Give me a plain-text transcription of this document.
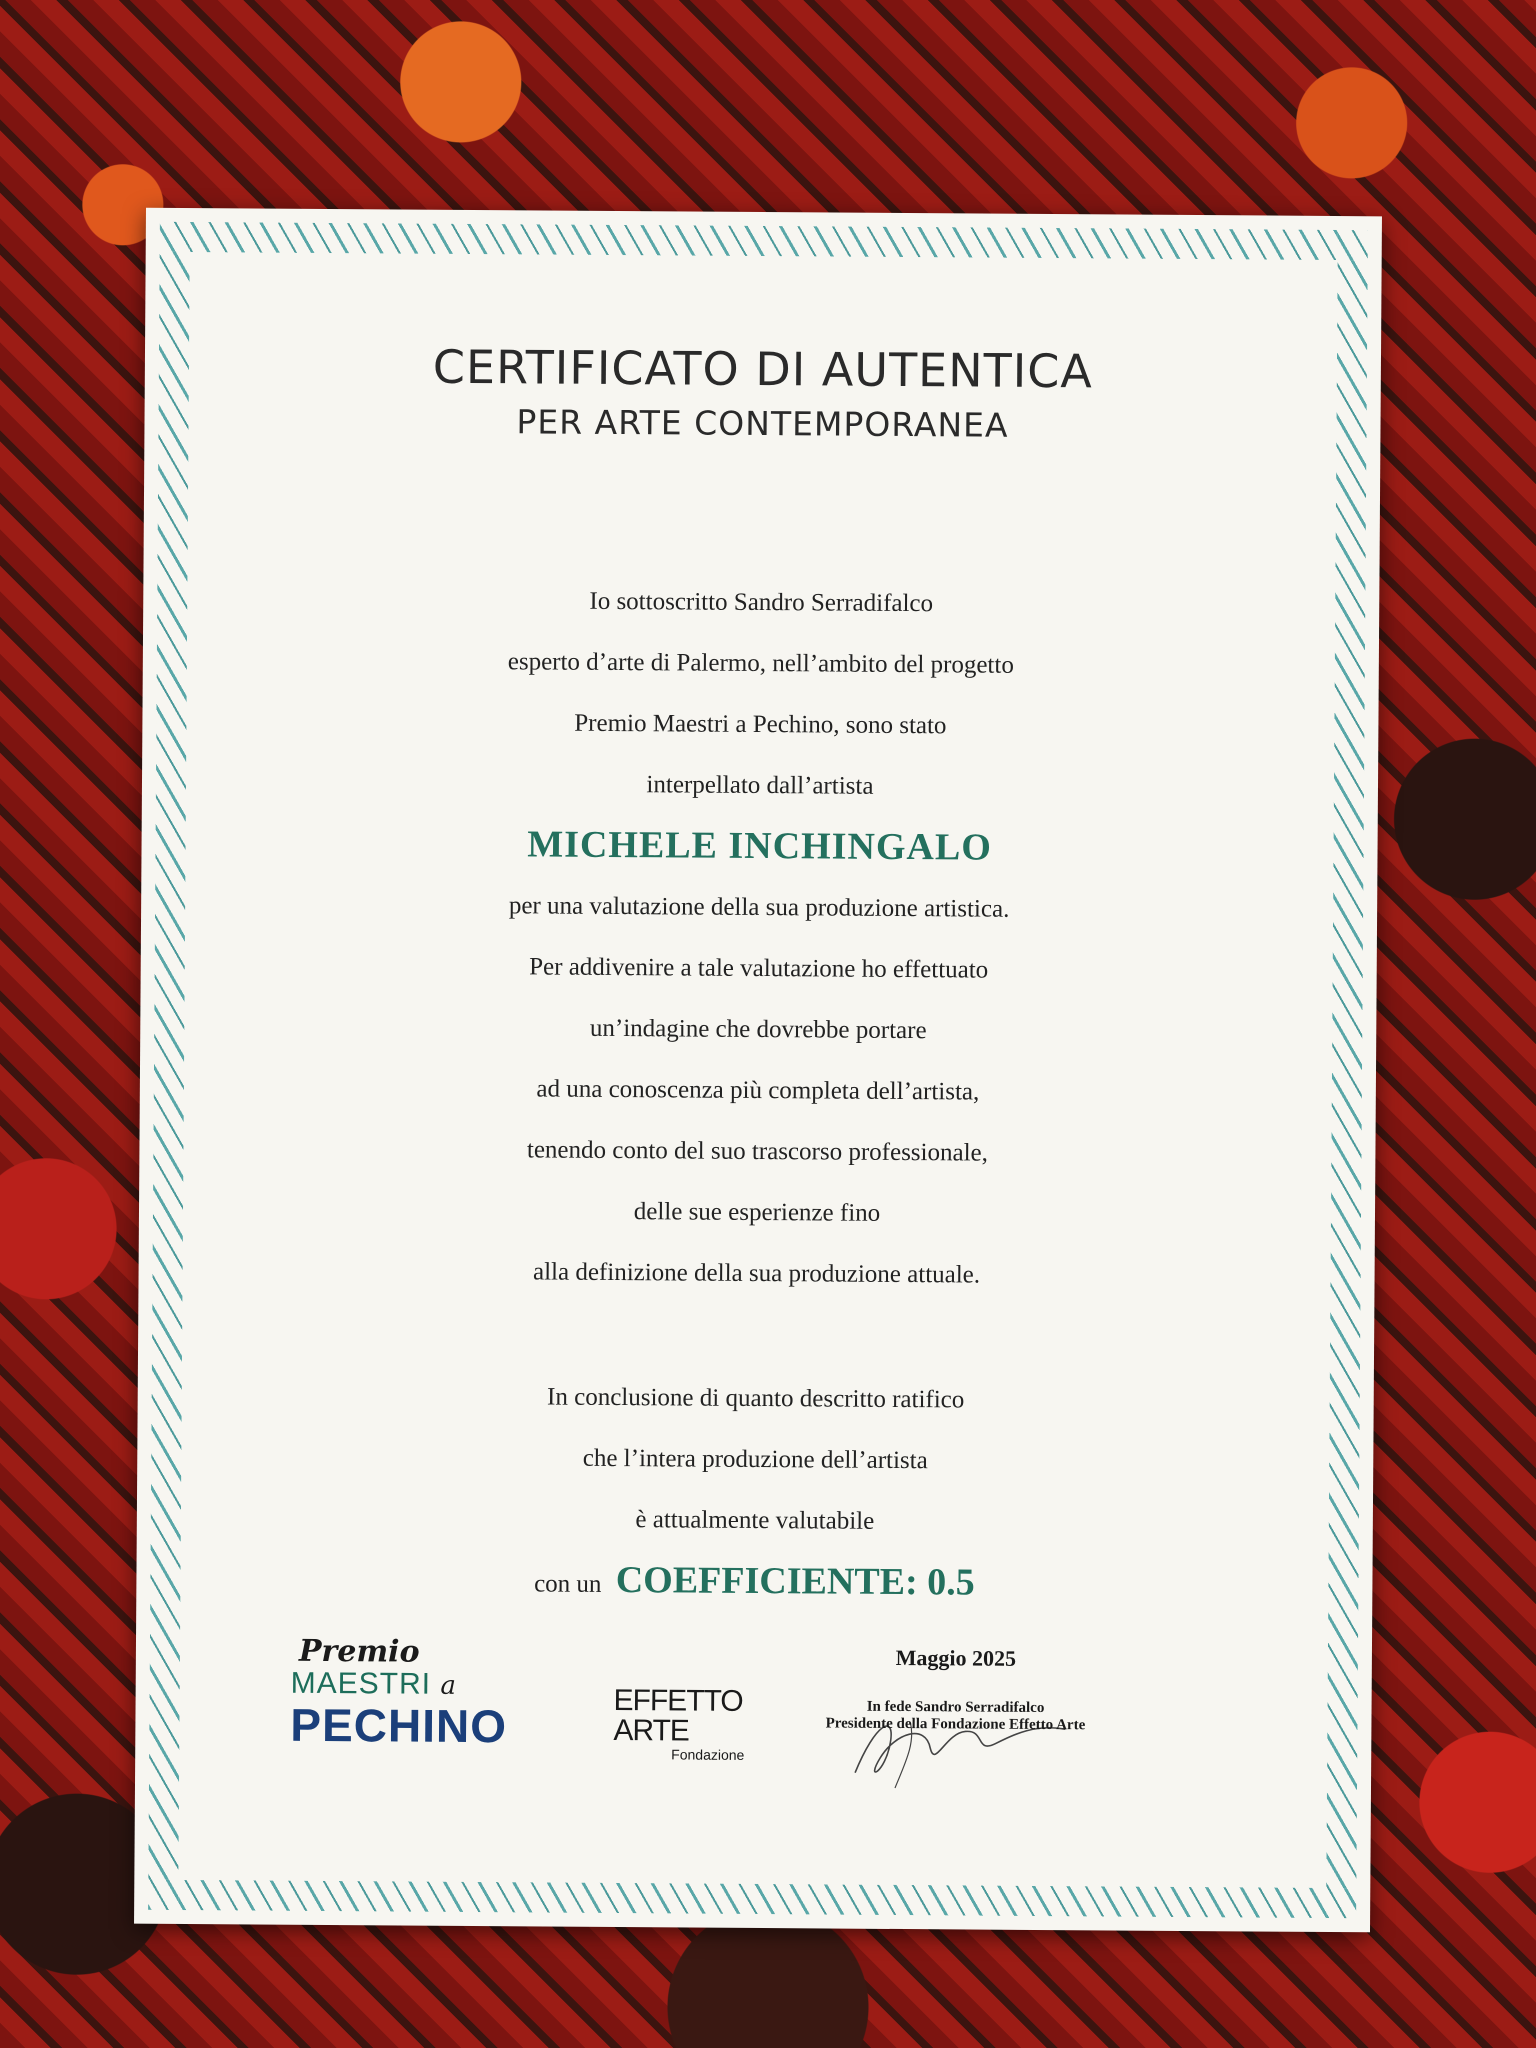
CERTIFICATO DI AUTENTICA
PER ARTE CONTEMPORANEA
Io sottoscritto Sandro Serradifalco
esperto d’arte di Palermo, nell’ambito del progetto
Premio Maestri a Pechino, sono stato
interpellato dall’artista
MICHELE INCHINGALO
per una valutazione della sua produzione artistica.
Per addivenire a tale valutazione ho effettuato
un’indagine che dovrebbe portare
ad una conoscenza più completa dell’artista,
tenendo conto del suo trascorso professionale,
delle sue esperienze fino
alla definizione della sua produzione attuale.
In conclusione di quanto descritto ratifico
che l’intera produzione dell’artista
è attualmente valutabile
con un COEFFICIENTE: 0.5
Premio
MAESTRI a
PECHINO	EFFETTO ARTE
Fondazione
Maggio 2025
In fede Sandro Serradifalco
Presidente della Fondazione Effetto Arte
